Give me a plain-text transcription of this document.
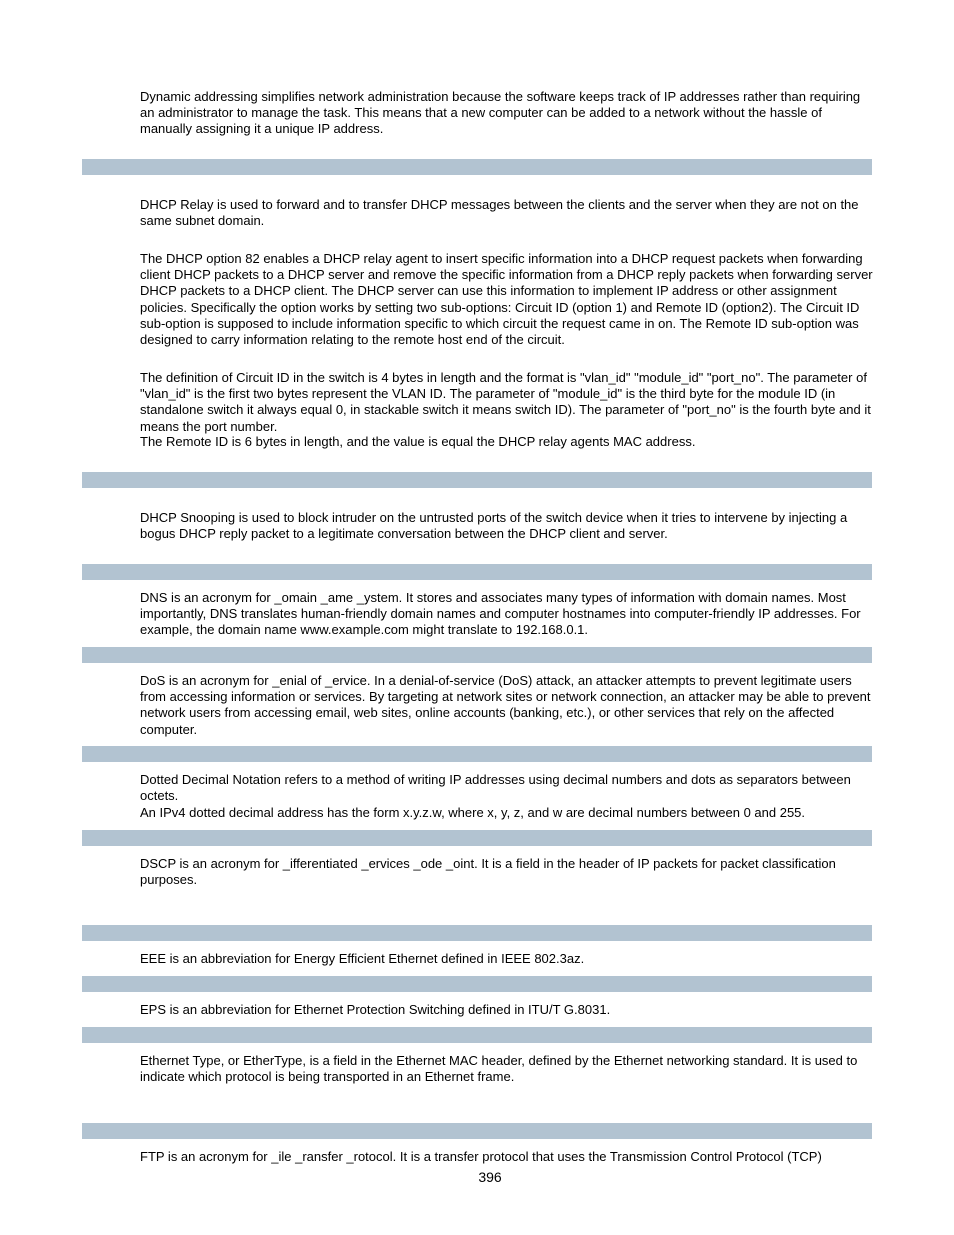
Dynamic addressing simplifies network administration because the software keeps track of IP addresses rather than requiring an administrator to manage the task. This means that a new computer can be added to a network without the hassle of manually assigning it a unique IP address.

DHCP Relay is used to forward and to transfer DHCP messages between the clients and the server when they are not on the same subnet domain.

The DHCP option 82 enables a DHCP relay agent to insert specific information into a DHCP request packets when forwarding client DHCP packets to a DHCP server and remove the specific information from a DHCP reply packets when forwarding server DHCP packets to a DHCP client. The DHCP server can use this information to implement IP address or other assignment policies. Specifically the option works by setting two sub-options: Circuit ID (option 1) and Remote ID (option2). The Circuit ID sub-option is supposed to include information specific to which circuit the request came in on. The Remote ID sub-option was designed to carry information relating to the remote host end of the circuit.

The definition of Circuit ID in the switch is 4 bytes in length and the format is "vlan_id" "module_id" "port_no". The parameter of "vlan_id" is the first two bytes represent the VLAN ID. The parameter of "module_id" is the third byte for the module ID (in standalone switch it always equal 0, in stackable switch it means switch ID). The parameter of "port_no" is the fourth byte and it means the port number.

The Remote ID is 6 bytes in length, and the value is equal the DHCP relay agents MAC address.

DHCP Snooping is used to block intruder on the untrusted ports of the switch device when it tries to intervene by injecting a bogus DHCP reply packet to a legitimate conversation between the DHCP client and server.

DNS is an acronym for _omain _ame _ystem. It stores and associates many types of information with domain names. Most importantly, DNS translates human-friendly domain names and computer hostnames into computer-friendly IP addresses. For example, the domain name www.example.com might translate to 192.168.0.1.

DoS is an acronym for _enial of _ervice. In a denial-of-service (DoS) attack, an attacker attempts to prevent legitimate users from accessing information or services. By targeting at network sites or network connection, an attacker may be able to prevent network users from accessing email, web sites, online accounts (banking, etc.), or other services that rely on the affected computer.

Dotted Decimal Notation refers to a method of writing IP addresses using decimal numbers and dots as separators between octets.

An IPv4 dotted decimal address has the form x.y.z.w, where x, y, z, and w are decimal numbers between 0 and 255.

DSCP is an acronym for _ifferentiated _ervices _ode _oint. It is a field in the header of IP packets for packet classification purposes.

EEE is an abbreviation for Energy Efficient Ethernet defined in IEEE 802.3az.

EPS is an abbreviation for Ethernet Protection Switching defined in ITU/T G.8031.

Ethernet Type, or EtherType, is a field in the Ethernet MAC header, defined by the Ethernet networking standard. It is used to indicate which protocol is being transported in an Ethernet frame.

FTP is an acronym for _ile _ransfer _rotocol. It is a transfer protocol that uses the Transmission Control Protocol (TCP)

396
